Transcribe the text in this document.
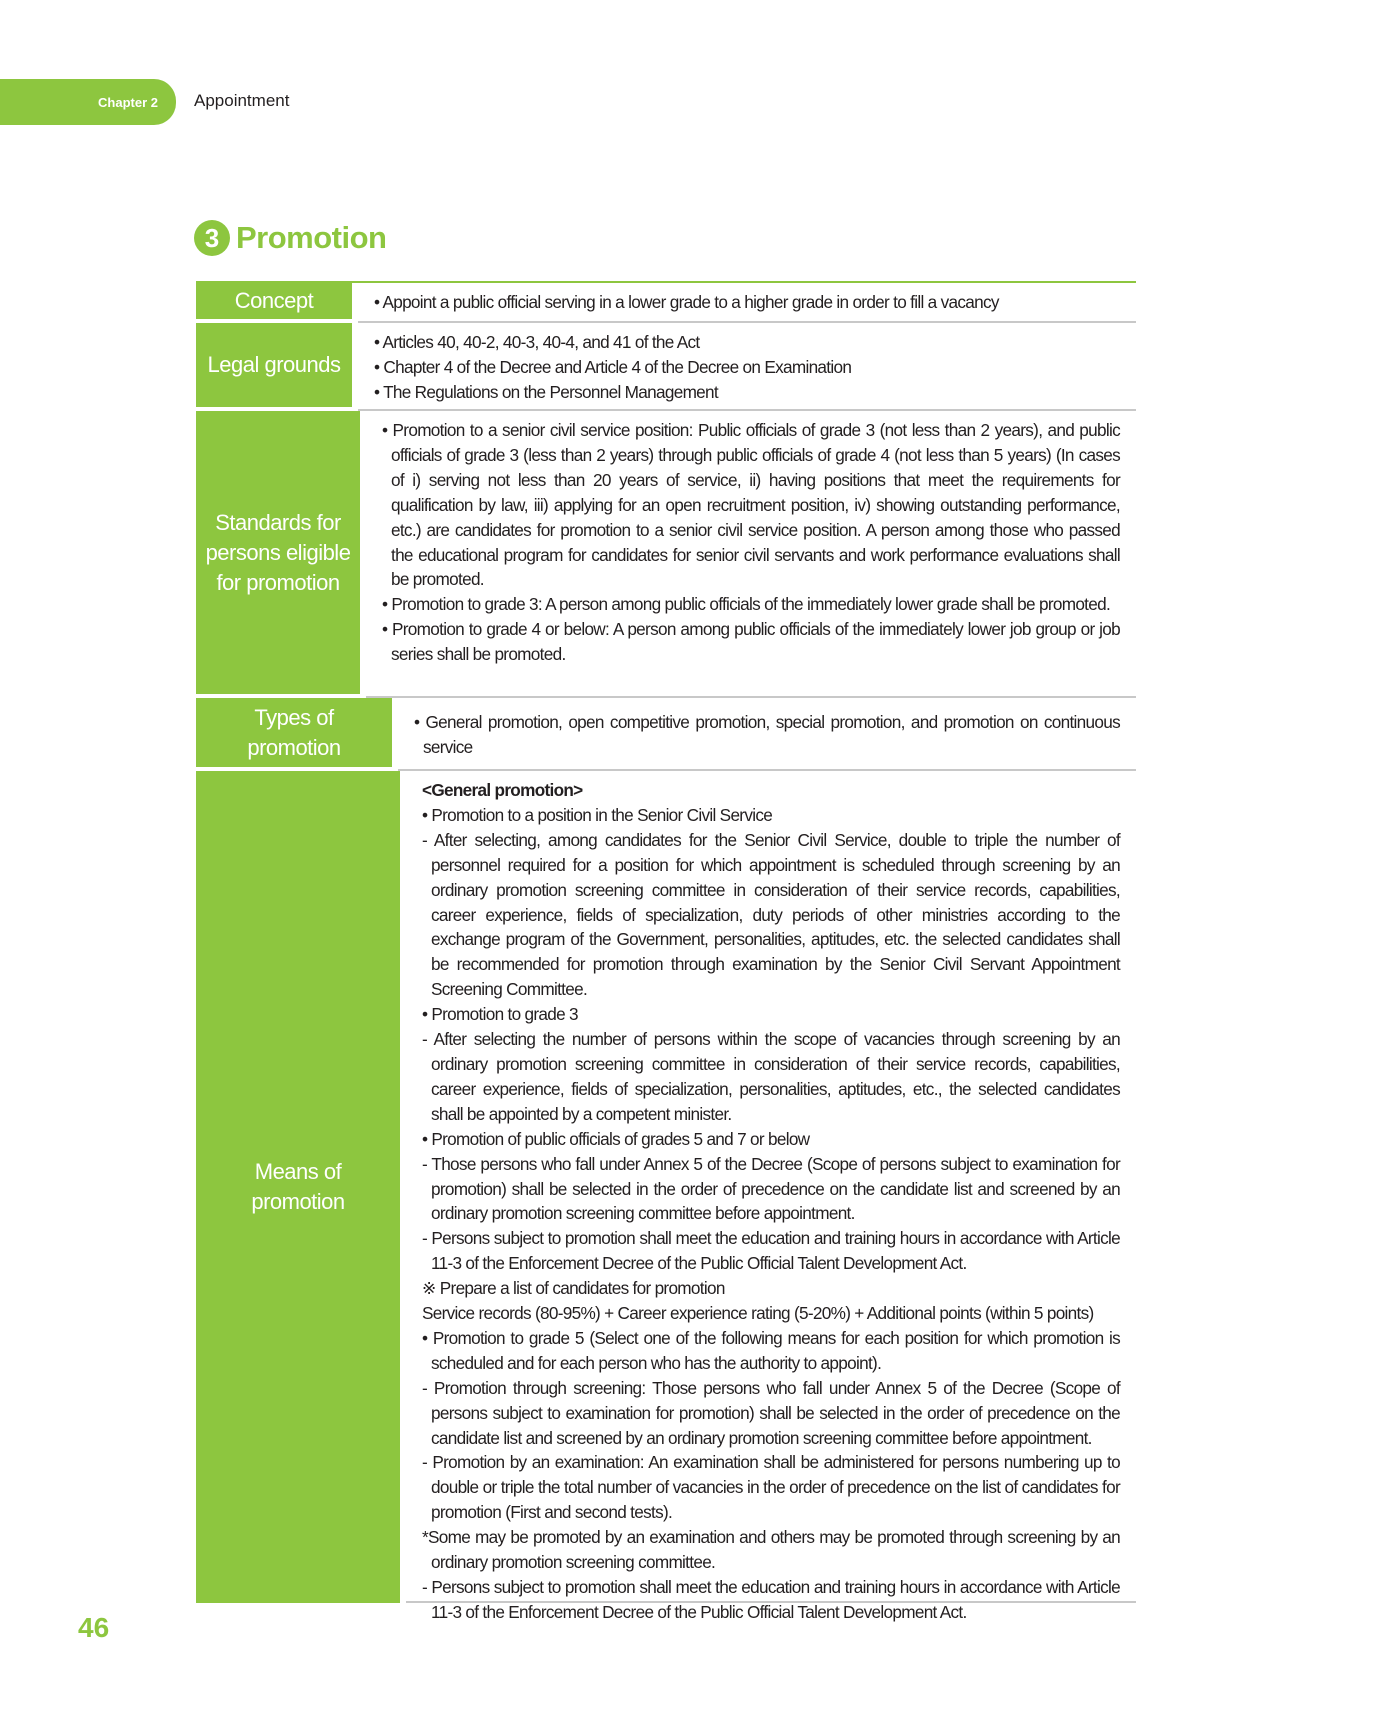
Chapter 2 Appointment
3 Promotion
Concept	• Appoint a public official serving in a lower grade to a higher grade in order to fill a vacancy
Legal grounds
• Articles 40, 40-2, 40-3, 40-4, and 41 of the Act
• Chapter 4 of the Decree and Article 4 of the Decree on Examination
• The Regulations on the Personnel Management
Standards for persons eligible for promotion
• Promotion to a senior civil service position: Public officials of grade 3 (not less than 2 years), and public officials of grade 3 (less than 2 years) through public officials of grade 4 (not less than 5 years) (In cases of i) serving not less than 20 years of service, ii) having positions that meet the requirements for qualification by law, iii) applying for an open recruitment position, iv) showing outstanding performance, etc.) are candidates for promotion to a senior civil service position. A person among those who passed the educational program for candidates for senior civil servants and work performance evaluations shall be promoted.
• Promotion to grade 3: A person among public officials of the immediately lower grade shall be promoted.
• Promotion to grade 4 or below: A person among public officials of the immediately lower job group or job series shall be promoted.
Types of promotion
• General promotion, open competitive promotion, special promotion, and promotion on continuous service
Means of promotion
<General promotion>
• Promotion to a position in the Senior Civil Service
- After selecting, among candidates for the Senior Civil Service, double to triple the number of personnel required for a position for which appointment is scheduled through screening by an ordinary promotion screening committee in consideration of their service records, capabilities, career experience, fields of specialization, duty periods of other ministries according to the exchange program of the Government, personalities, aptitudes, etc. the selected candidates shall be recommended for promotion through examination by the Senior Civil Servant Appointment Screening Committee.
• Promotion to grade 3
- After selecting the number of persons within the scope of vacancies through screening by an ordinary promotion screening committee in consideration of their service records, capabilities, career experience, fields of specialization, personalities, aptitudes, etc., the selected candidates shall be appointed by a competent minister.
• Promotion of public officials of grades 5 and 7 or below
- Those persons who fall under Annex 5 of the Decree (Scope of persons subject to examination for promotion) shall be selected in the order of precedence on the candidate list and screened by an ordinary promotion screening committee before appointment.
- Persons subject to promotion shall meet the education and training hours in accordance with Article 11-3 of the Enforcement Decree of the Public Official Talent Development Act.
※ Prepare a list of candidates for promotion
Service records (80-95%) + Career experience rating (5-20%) + Additional points (within 5 points)
• Promotion to grade 5 (Select one of the following means for each position for which promotion is scheduled and for each person who has the authority to appoint).
- Promotion through screening: Those persons who fall under Annex 5 of the Decree (Scope of persons subject to examination for promotion) shall be selected in the order of precedence on the candidate list and screened by an ordinary promotion screening committee before appointment.
- Promotion by an examination: An examination shall be administered for persons numbering up to double or triple the total number of vacancies in the order of precedence on the list of candidates for promotion (First and second tests).
*Some may be promoted by an examination and others may be promoted through screening by an ordinary promotion screening committee.
- Persons subject to promotion shall meet the education and training hours in accordance with Article 11-3 of the Enforcement Decree of the Public Official Talent Development Act.
46
